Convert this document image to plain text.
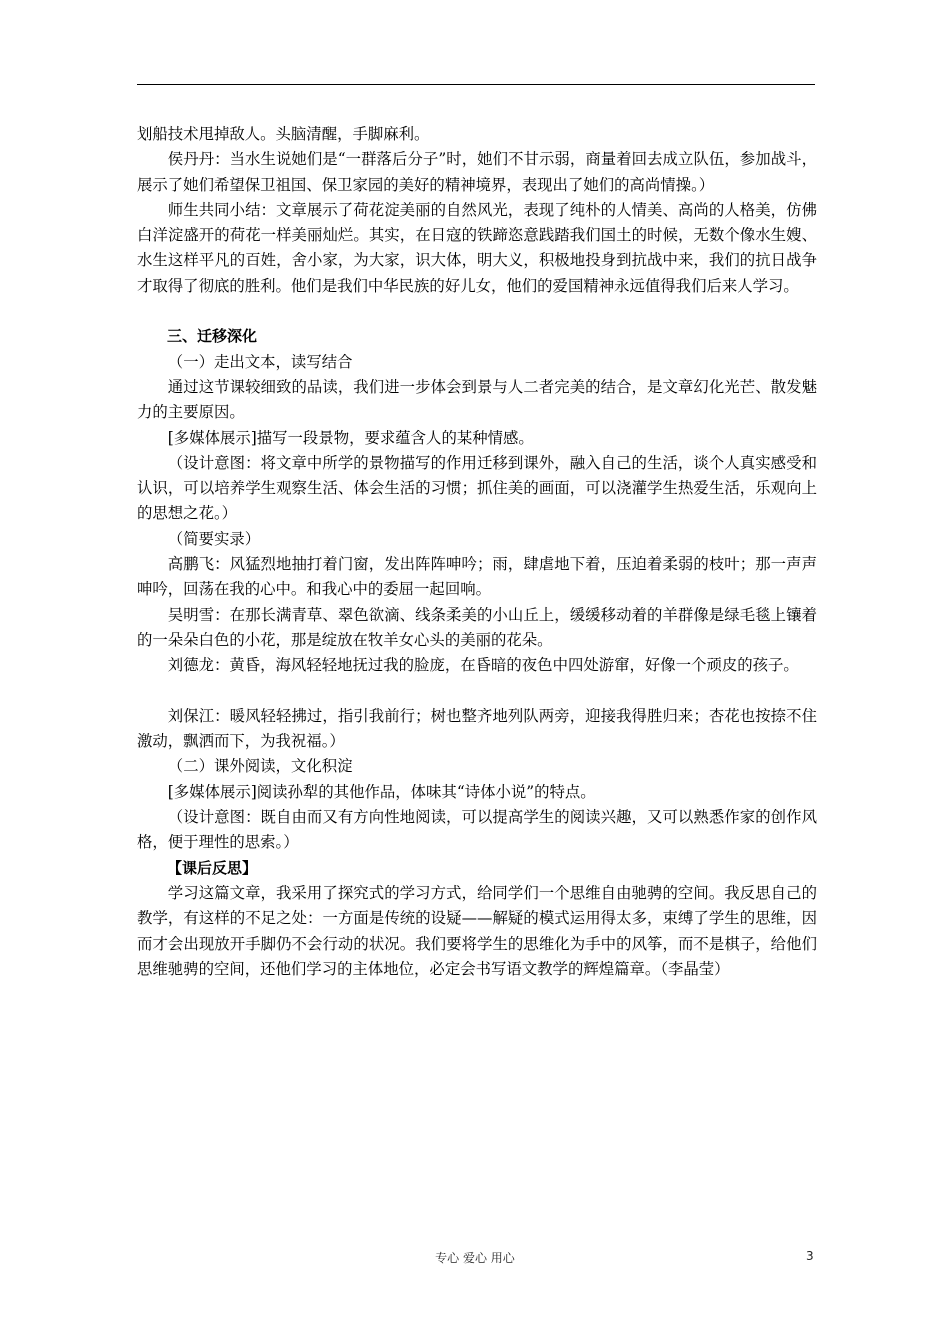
划船技术甩掉敌人。头脑清醒，手脚麻利。

侯丹丹：当水生说她们是“一群落后分子”时，她们不甘示弱，商量着回去成立队伍，参加战斗，展示了她们希望保卫祖国、保卫家园的美好的精神境界，表现出了她们的高尚情操。）

师生共同小结：文章展示了荷花淀美丽的自然风光，表现了纯朴的人情美、高尚的人格美，仿佛白洋淀盛开的荷花一样美丽灿烂。其实，在日寇的铁蹄恣意践踏我们国土的时候，无数个像水生嫂、水生这样平凡的百姓，舍小家，为大家，识大体，明大义，积极地投身到抗战中来，我们的抗日战争才取得了彻底的胜利。他们是我们中华民族的好儿女，他们的爱国精神永远值得我们后来人学习。

三、迁移深化

（一）走出文本，读写结合

通过这节课较细致的品读，我们进一步体会到景与人二者完美的结合，是文章幻化光芒、散发魅力的主要原因。

[多媒体展示]描写一段景物，要求蕴含人的某种情感。

（设计意图：将文章中所学的景物描写的作用迁移到课外，融入自己的生活，谈个人真实感受和认识，可以培养学生观察生活、体会生活的习惯；抓住美的画面，可以浇灌学生热爱生活，乐观向上的思想之花。）

（简要实录）

高鹏飞：风猛烈地抽打着门窗，发出阵阵呻吟；雨，肆虐地下着，压迫着柔弱的枝叶；那一声声呻吟，回荡在我的心中。和我心中的委屈一起回响。

吴明雪：在那长满青草、翠色欲滴、线条柔美的小山丘上，缓缓移动着的羊群像是绿毛毯上镶着的一朵朵白色的小花，那是绽放在牧羊女心头的美丽的花朵。

刘德龙：黄昏，海风轻轻地抚过我的脸庞，在昏暗的夜色中四处游窜，好像一个顽皮的孩子。

刘保江：暖风轻轻拂过，指引我前行；树也整齐地列队两旁，迎接我得胜归来；杏花也按捺不住激动，飘洒而下，为我祝福。）

（二）课外阅读，文化积淀

[多媒体展示]阅读孙犁的其他作品，体味其“诗体小说”的特点。

（设计意图：既自由而又有方向性地阅读，可以提高学生的阅读兴趣，又可以熟悉作家的创作风格，便于理性的思索。）

【课后反思】

学习这篇文章，我采用了探究式的学习方式，给同学们一个思维自由驰骋的空间。我反思自己的教学，有这样的不足之处：一方面是传统的设疑——解疑的模式运用得太多，束缚了学生的思维，因而才会出现放开手脚仍不会行动的状况。我们要将学生的思维化为手中的风筝，而不是棋子，给他们思维驰骋的空间，还他们学习的主体地位，必定会书写语文教学的辉煌篇章。（李晶莹）

专心 爱心 用心	3
